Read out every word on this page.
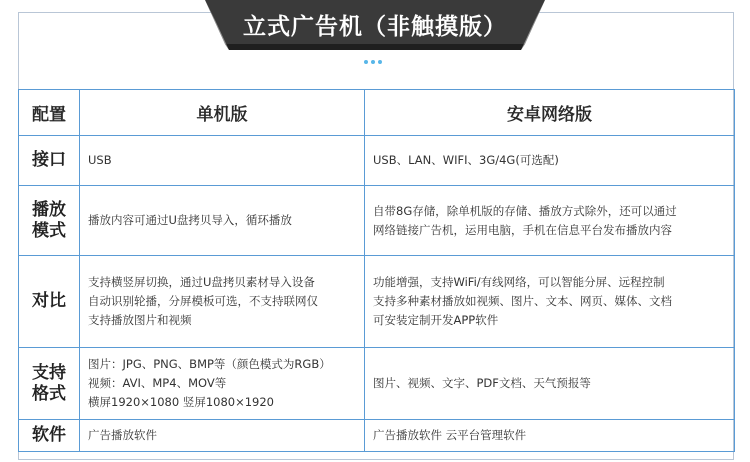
立式广告机（非触摸版）
配置	单机版	安卓网络版

接口	USB	USB、LAN、WIFI、3G/4G(可选配)

播放
模式	播放内容可通过U盘拷贝导入，循环播放	自带8G存储，除单机版的存储、播放方式除外，还可以通过
网络链接广告机，运用电脑，手机在信息平台发布播放内容

对比	支持横竖屏切换，通过U盘拷贝素材导入设备
自动识别轮播，分屏模板可选，不支持联网仅
支持播放图片和视频	功能增强，支持WiFi/有线网络，可以智能分屏、远程控制
支持多种素材播放如视频、图片、文本、网页、媒体、文档
可安装定制开发APP软件

支持
格式	图片：JPG、PNG、BMP等（颜色模式为RGB）
视频：AVI、MP4、MOV等
横屏1920×1080 竖屏1080×1920	图片、视频、文字、PDF文档、天气预报等

软件	广告播放软件	广告播放软件 云平台管理软件
